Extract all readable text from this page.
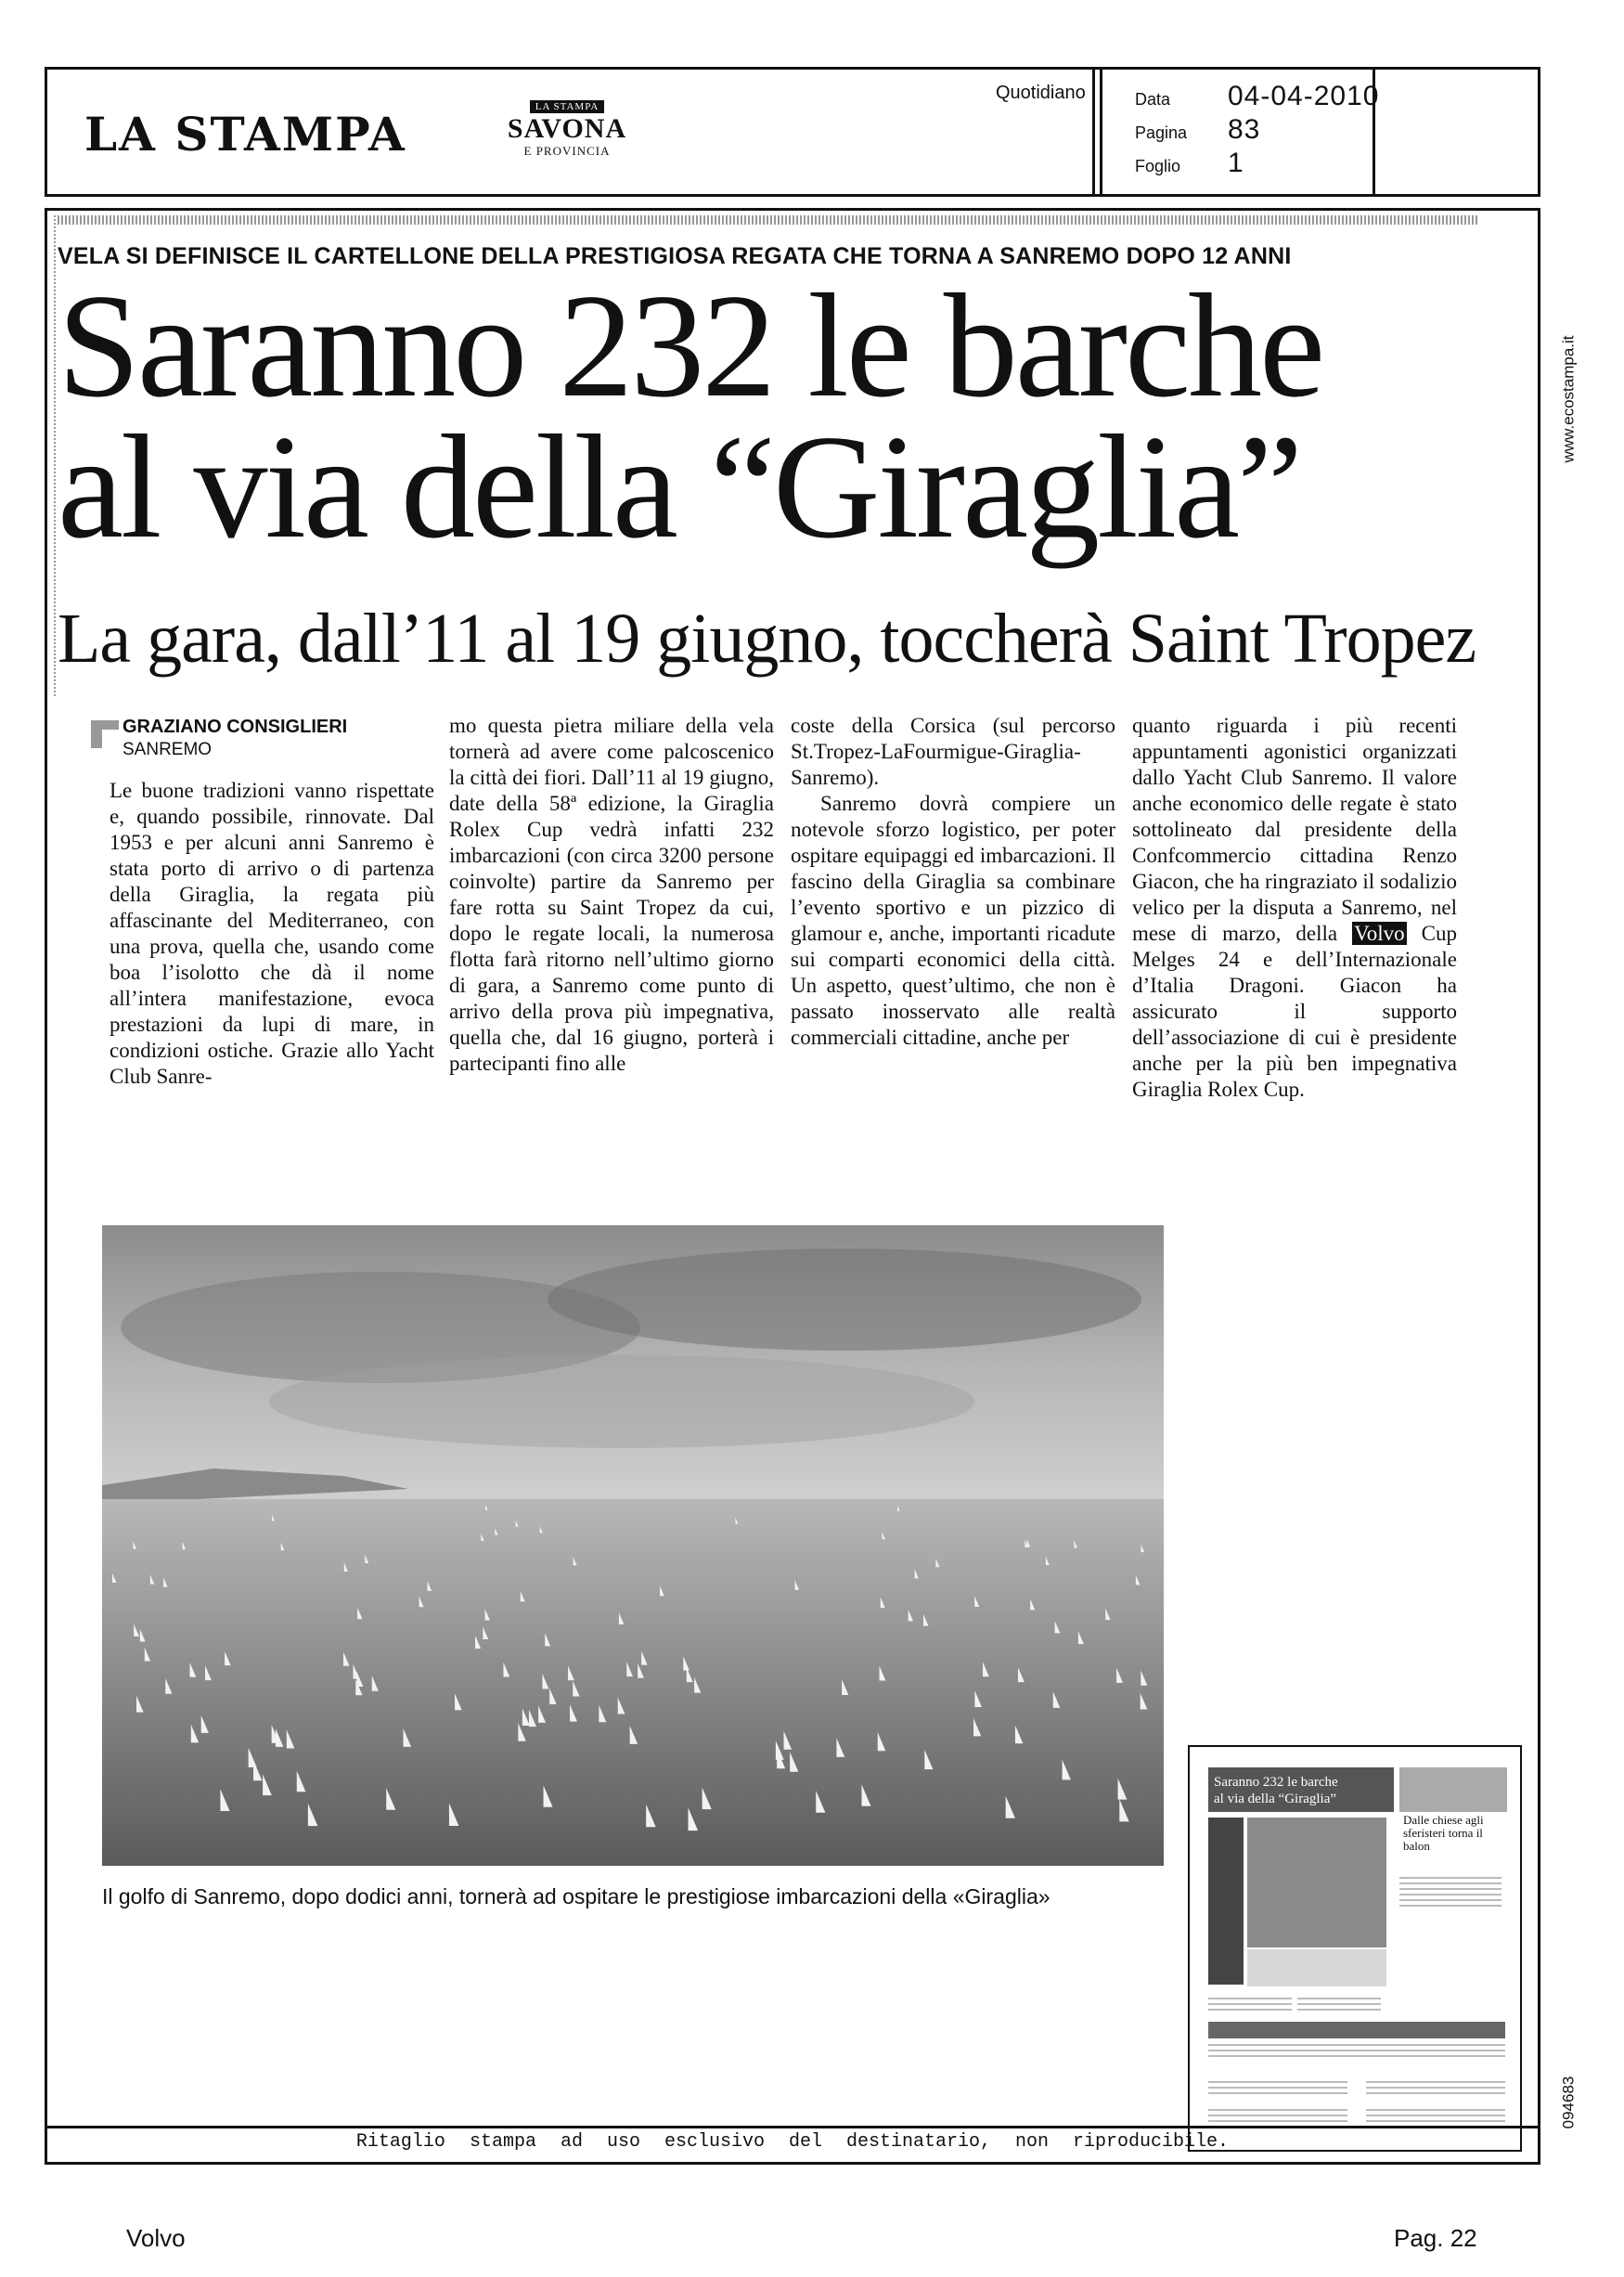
LA STAMPA	LA STAMPA
SAVONA
E PROVINCIA
Quotidiano	Data	04-04-2010
Pagina	83
Foglio	1
www.ecostampa.it
VELA SI DEFINISCE IL CARTELLONE DELLA PRESTIGIOSA REGATA CHE TORNA A SANREMO DOPO 12 ANNI
Saranno 232 le barche
al via della “Giraglia”
La gara, dall’11 al 19 giugno, toccherà Saint Tropez
GRAZIANO CONSIGLIERI
SANREMO

Le buone tradizioni vanno rispettate e, quando possibile, rinnovate. Dal 1953 e per alcuni anni Sanremo è stata porto di arrivo o di partenza della Giraglia, la regata più affascinante del Mediterraneo, con una prova, quella che, usando come boa l’isolotto che dà il nome all’intera manifestazione, evoca prestazioni da lupi di mare, in condizioni ostiche. Grazie allo Yacht Club Sanre-

mo questa pietra miliare della vela tornerà ad avere come palcoscenico la città dei fiori. Dall’11 al 19 giugno, date della 58ª edizione, la Giraglia Rolex Cup vedrà infatti 232 imbarcazioni (con circa 3200 persone coinvolte) partire da Sanremo per fare rotta su Saint Tropez da cui, dopo le regate locali, la numerosa flotta farà ritorno nell’ultimo giorno di gara, a Sanremo come punto di arrivo della prova più impegnativa, quella che, dal 16 giugno, porterà i partecipanti fino alle

coste della Corsica (sul percorso St.Tropez-LaFourmigue-Giraglia-Sanremo).

Sanremo dovrà compiere un notevole sforzo logistico, per poter ospitare equipaggi ed imbarcazioni. Il fascino della Giraglia sa combinare l’evento sportivo e un pizzico di glamour e, anche, importanti ricadute sui comparti economici della città. Un aspetto, quest’ultimo, che non è passato inosservato alle realtà commerciali cittadine, anche per

quanto riguarda i più recenti appuntamenti agonistici organizzati dallo Yacht Club Sanremo. Il valore anche economico delle regate è stato sottolineato dal presidente della Confcommercio cittadina Renzo Giacon, che ha ringraziato il sodalizio velico per la disputa a Sanremo, nel mese di marzo, della Volvo Cup Melges 24 e dell’Internazionale d’Italia Dragoni. Giacon ha assicurato il supporto dell’associazione di cui è presidente anche per la più ben impegnativa Giraglia Rolex Cup.

Il golfo di Sanremo, dopo dodici anni, tornerà ad ospitare le prestigiose imbarcazioni della «Giraglia»
Saranno 232 le barche
al via della “Giraglia”
Dalle chiese agli sferisteri torna il balon
Ritaglio stampa ad uso esclusivo del destinatario, non riproducibile.
094683
Volvo	Pag. 22
